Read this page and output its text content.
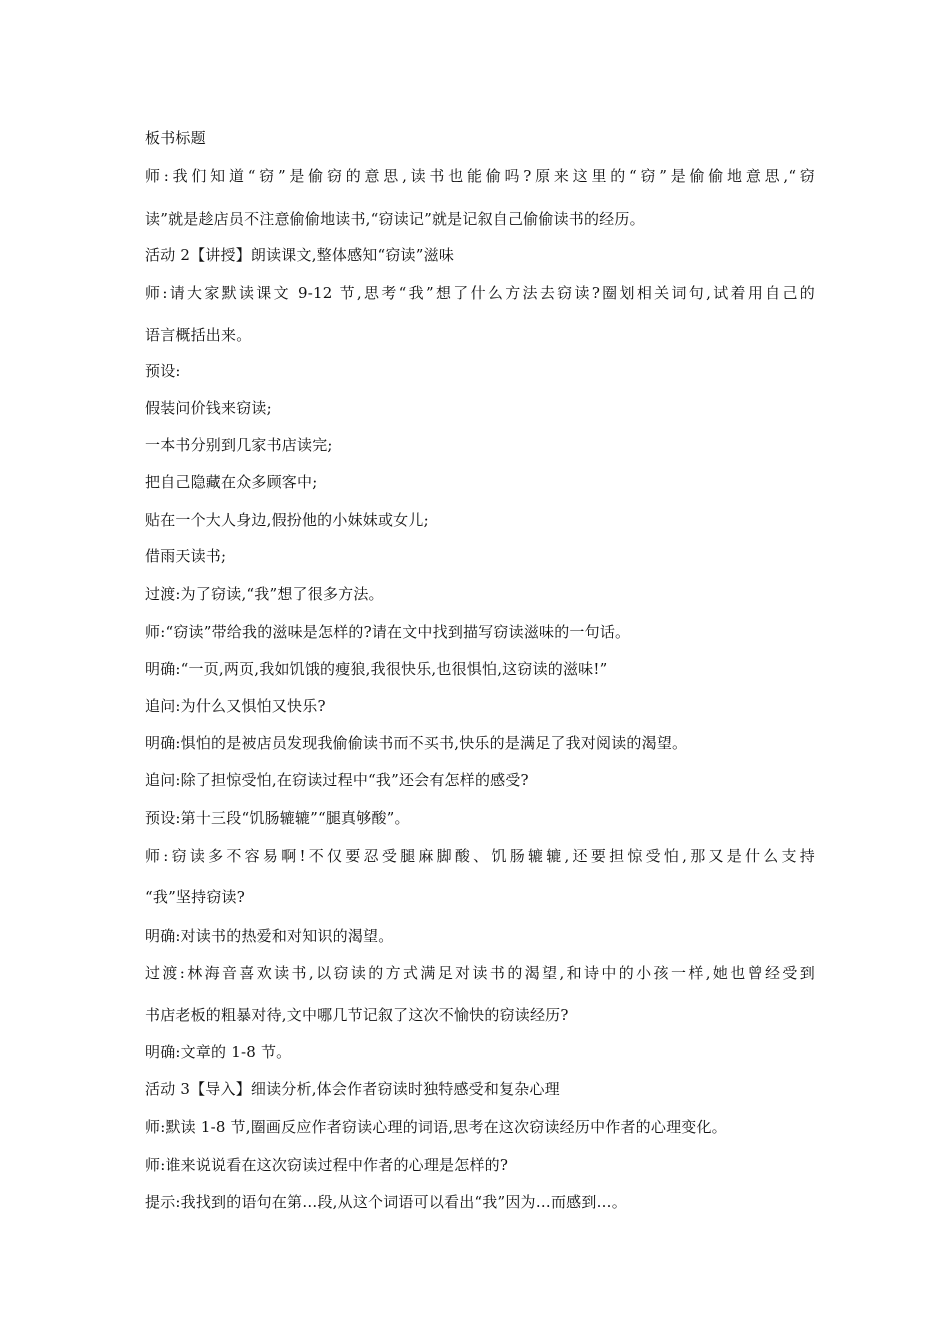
板书标题
师:我们知道“窃”是偷窃的意思,读书也能偷吗?原来这里的“窃”是偷偷地意思,“窃
读”就是趁店员不注意偷偷地读书,“窃读记”就是记叙自己偷偷读书的经历。
活动 2【讲授】朗读课文,整体感知“窃读”滋味
师:请大家默读课文 9-12 节,思考“我”想了什么方法去窃读?圈划相关词句,试着用自己的
语言概括出来。
预设:
假装问价钱来窃读;
一本书分别到几家书店读完;
把自己隐藏在众多顾客中;
贴在一个大人身边,假扮他的小妹妹或女儿;
借雨天读书;
过渡:为了窃读,“我”想了很多方法。
师:“窃读”带给我的滋味是怎样的?请在文中找到描写窃读滋味的一句话。
明确:“一页,两页,我如饥饿的瘦狼,我很快乐,也很惧怕,这窃读的滋味!”
追问:为什么又惧怕又快乐?
明确:惧怕的是被店员发现我偷偷读书而不买书,快乐的是满足了我对阅读的渴望。
追问:除了担惊受怕,在窃读过程中“我”还会有怎样的感受?
预设:第十三段“饥肠辘辘”“腿真够酸”。
师:窃读多不容易啊!不仅要忍受腿麻脚酸、饥肠辘辘,还要担惊受怕,那又是什么支持
“我”坚持窃读?
明确:对读书的热爱和对知识的渴望。
过渡:林海音喜欢读书,以窃读的方式满足对读书的渴望,和诗中的小孩一样,她也曾经受到
书店老板的粗暴对待,文中哪几节记叙了这次不愉快的窃读经历?
明确:文章的 1-8 节。
活动 3【导入】细读分析,体会作者窃读时独特感受和复杂心理
师:默读 1-8 节,圈画反应作者窃读心理的词语,思考在这次窃读经历中作者的心理变化。
师:谁来说说看在这次窃读过程中作者的心理是怎样的?
提示:我找到的语句在第…段,从这个词语可以看出“我”因为…而感到…。
